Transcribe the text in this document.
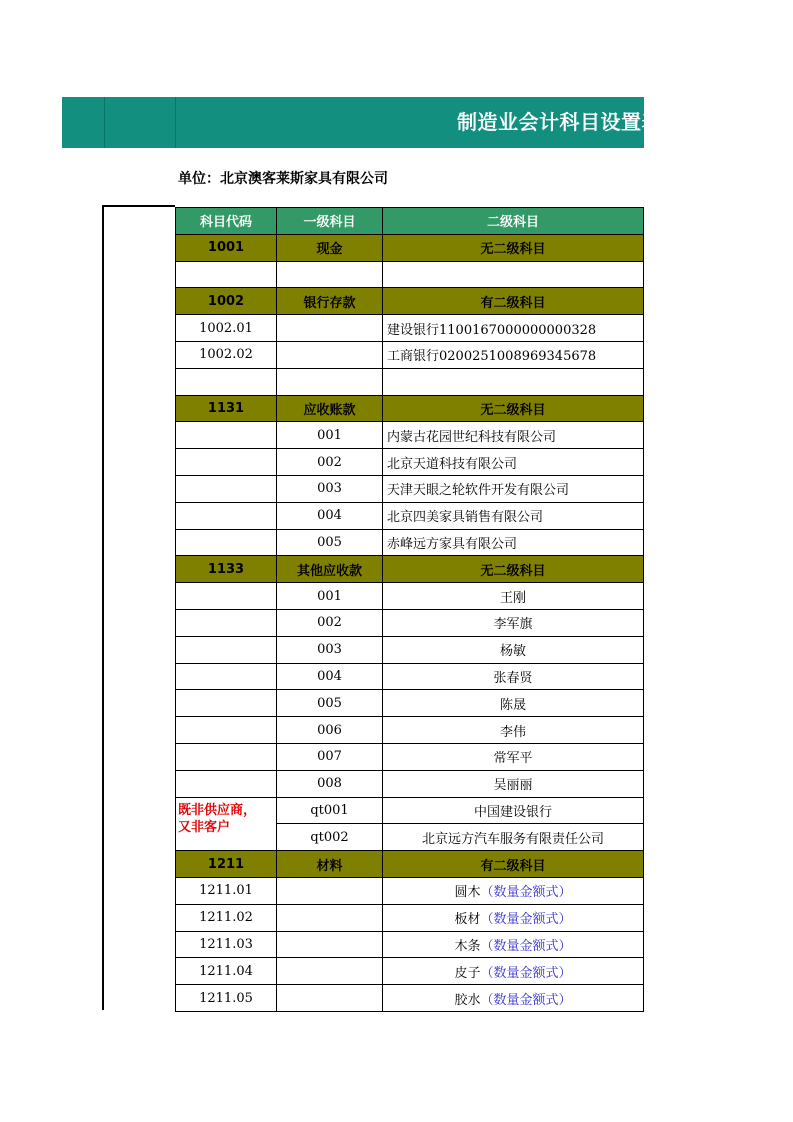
制造业会计科目设置表
单位：北京澳客莱斯家具有限公司
科目代码	一级科目	二级科目
1001	现金	无二级科目

1002	银行存款	有二级科目
1002.01		建设银行1100167000000000328
1002.02		工商银行0200251008969345678

1131	应收账款	无二级科目
	001	内蒙古花园世纪科技有限公司
	002	北京天道科技有限公司
	003	天津天眼之轮软件开发有限公司
	004	北京四美家具销售有限公司
	005	赤峰远方家具有限公司
1133	其他应收款	无二级科目
	001	王刚
	002	李军旗
	003	杨敏
	004	张春贤
	005	陈晟
	006	李伟
	007	常军平
	008	吴丽丽
	qt001	中国建设银行
	qt002	北京远方汽车服务有限责任公司
1211	材料	有二级科目
1211.01		圆木（数量金额式）
1211.02		板材（数量金额式）
1211.03		木条（数量金额式）
1211.04		皮子（数量金额式）
1211.05		胶水（数量金额式）
既非供应商，
又非客户
